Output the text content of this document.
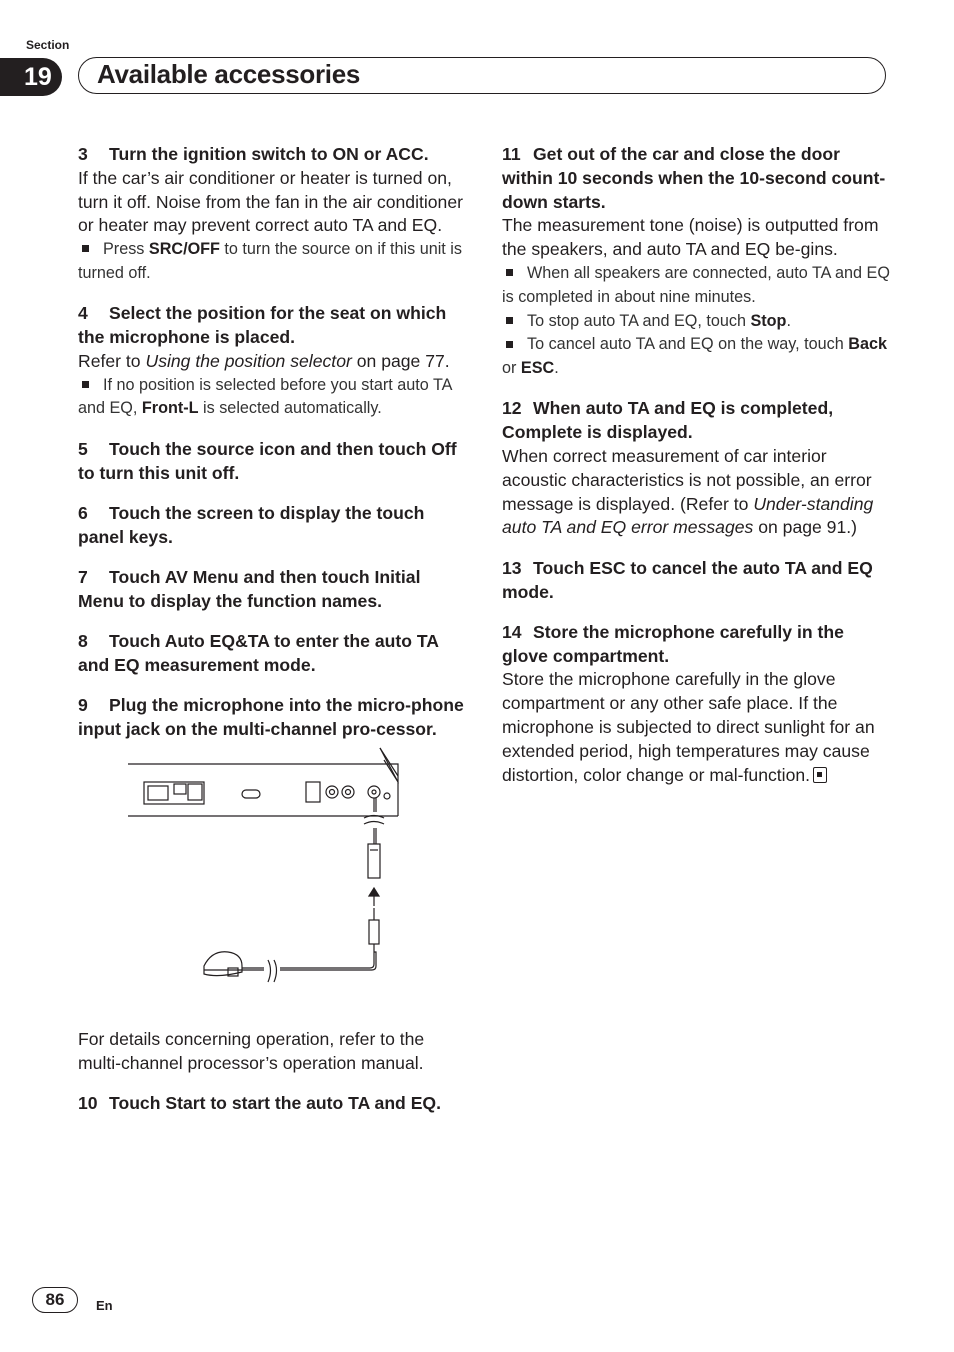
Section
19	Available accessories
3 Turn the ignition switch to ON or ACC.

If the car’s air conditioner or heater is turned on, turn it off. Noise from the fan in the air conditioner or heater may prevent correct auto TA and EQ.

Press SRC/OFF to turn the source on if this unit is turned off.

4 Select the position for the seat on which the microphone is placed.

Refer to Using the position selector on page 77.

If no position is selected before you start auto TA and EQ, Front-L is selected automatically.

5 Touch the source icon and then touch Off to turn this unit off.
6 Touch the screen to display the touch panel keys.
7 Touch AV Menu and then touch Initial Menu to display the function names.
8 Touch Auto EQ&TA to enter the auto TA and EQ measurement mode.
9 Plug the microphone into the micro-phone input jack on the multi-channel pro-cessor.

For details concerning operation, refer to the multi-channel processor’s operation manual.

10 Touch Start to start the auto TA and EQ.
11 Get out of the car and close the door within 10 seconds when the 10-second count-down starts.

The measurement tone (noise) is outputted from the speakers, and auto TA and EQ be-gins.

When all speakers are connected, auto TA and EQ is completed in about nine minutes.

To stop auto TA and EQ, touch Stop.

To cancel auto TA and EQ on the way, touch Back or ESC.

12 When auto TA and EQ is completed, Complete is displayed.

When correct measurement of car interior acoustic characteristics is not possible, an error message is displayed. (Refer to Under-standing auto TA and EQ error messages on page 91.)

13 Touch ESC to cancel the auto TA and EQ mode.
14 Store the microphone carefully in the glove compartment.

Store the microphone carefully in the glove compartment or any other safe place. If the microphone is subjected to direct sunlight for an extended period, high temperatures may cause distortion, color change or mal-function.

86	En
